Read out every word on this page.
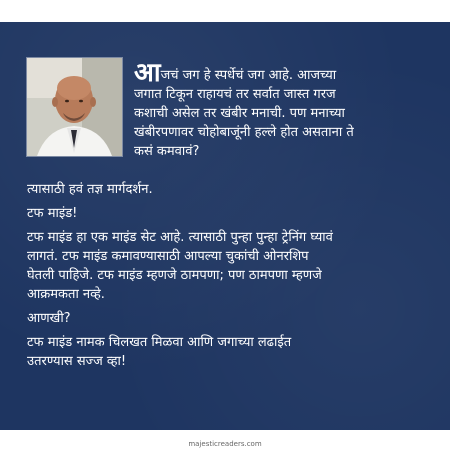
आजचं जग हे स्पर्धेचं जग आहे. आजच्या
जगात टिकून राहायचं तर सर्वात जास्त गरज
कशाची असेल तर खंबीर मनाची. पण मनाच्या
खंबीरपणावर चोहोबाजूंनी हल्ले होत असताना ते
कसं कमवावं?

त्यासाठी हवं तज्ञ मार्गदर्शन.

टफ माइंड!

टफ माइंड हा एक माइंड सेट आहे. त्यासाठी पुन्हा पुन्हा ट्रेनिंग घ्यावं
लागतं. टफ माइंड कमावण्यासाठी आपल्या चुकांची ओनरशिप
घेतली पाहिजे. टफ माइंड म्हणजे ठामपणा; पण ठामपणा म्हणजे
आक्रमकता नव्हे.

आणखी?

टफ माइंड नामक चिलखत मिळवा आणि जगाच्या लढाईत
उतरण्यास सज्ज व्हा!

majesticreaders.com
